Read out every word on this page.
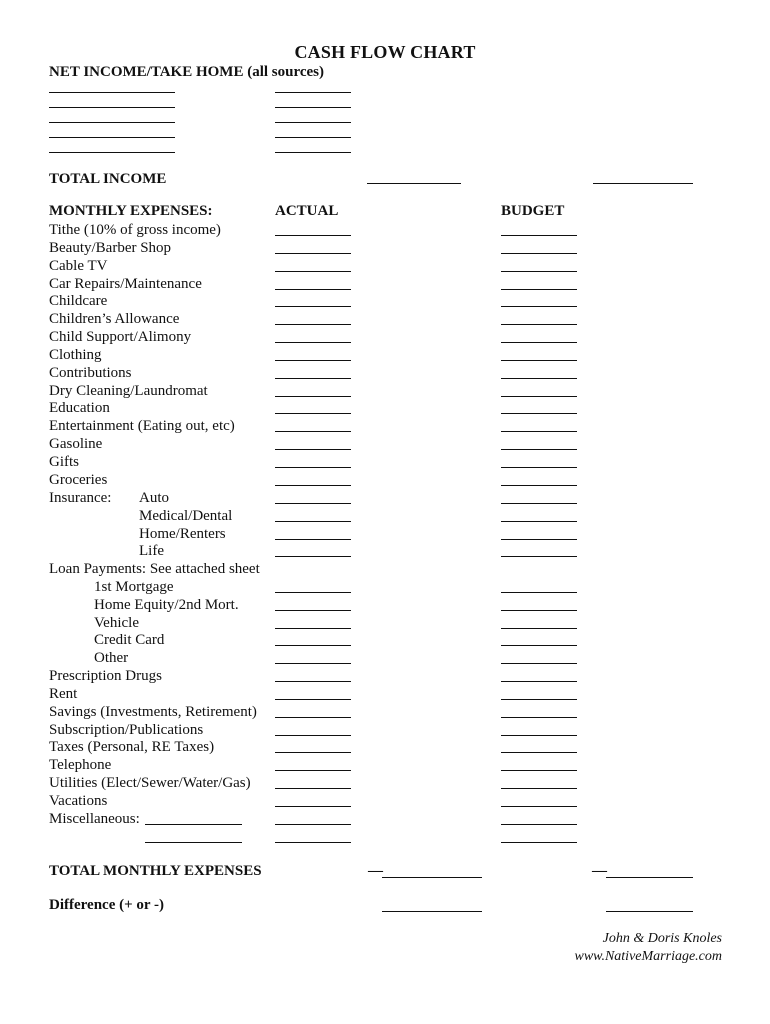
CASH FLOW CHART
NET INCOME/TAKE HOME (all sources)
TOTAL INCOME
MONTHLY EXPENSES:	ACTUAL	BUDGET
Tithe (10% of gross income)
Beauty/Barber Shop
Cable TV
Car Repairs/Maintenance
Childcare
Children’s Allowance
Child Support/Alimony
Clothing
Contributions
Dry Cleaning/Laundromat
Education
Entertainment (Eating out, etc)
Gasoline
Gifts
Groceries
Insurance: Auto
Medical/Dental
Home/Renters
Life
Loan Payments: See attached sheet
1st Mortgage
Home Equity/2nd Mort.
Vehicle
Credit Card
Other
Prescription Drugs
Rent
Savings (Investments, Retirement)
Subscription/Publications
Taxes (Personal, RE Taxes)
Telephone
Utilities (Elect/Sewer/Water/Gas)
Vacations
Miscellaneous:
TOTAL MONTHLY EXPENSES	—	—
Difference (+ or -)
John & Doris Knoles
www.NativeMarriage.com
